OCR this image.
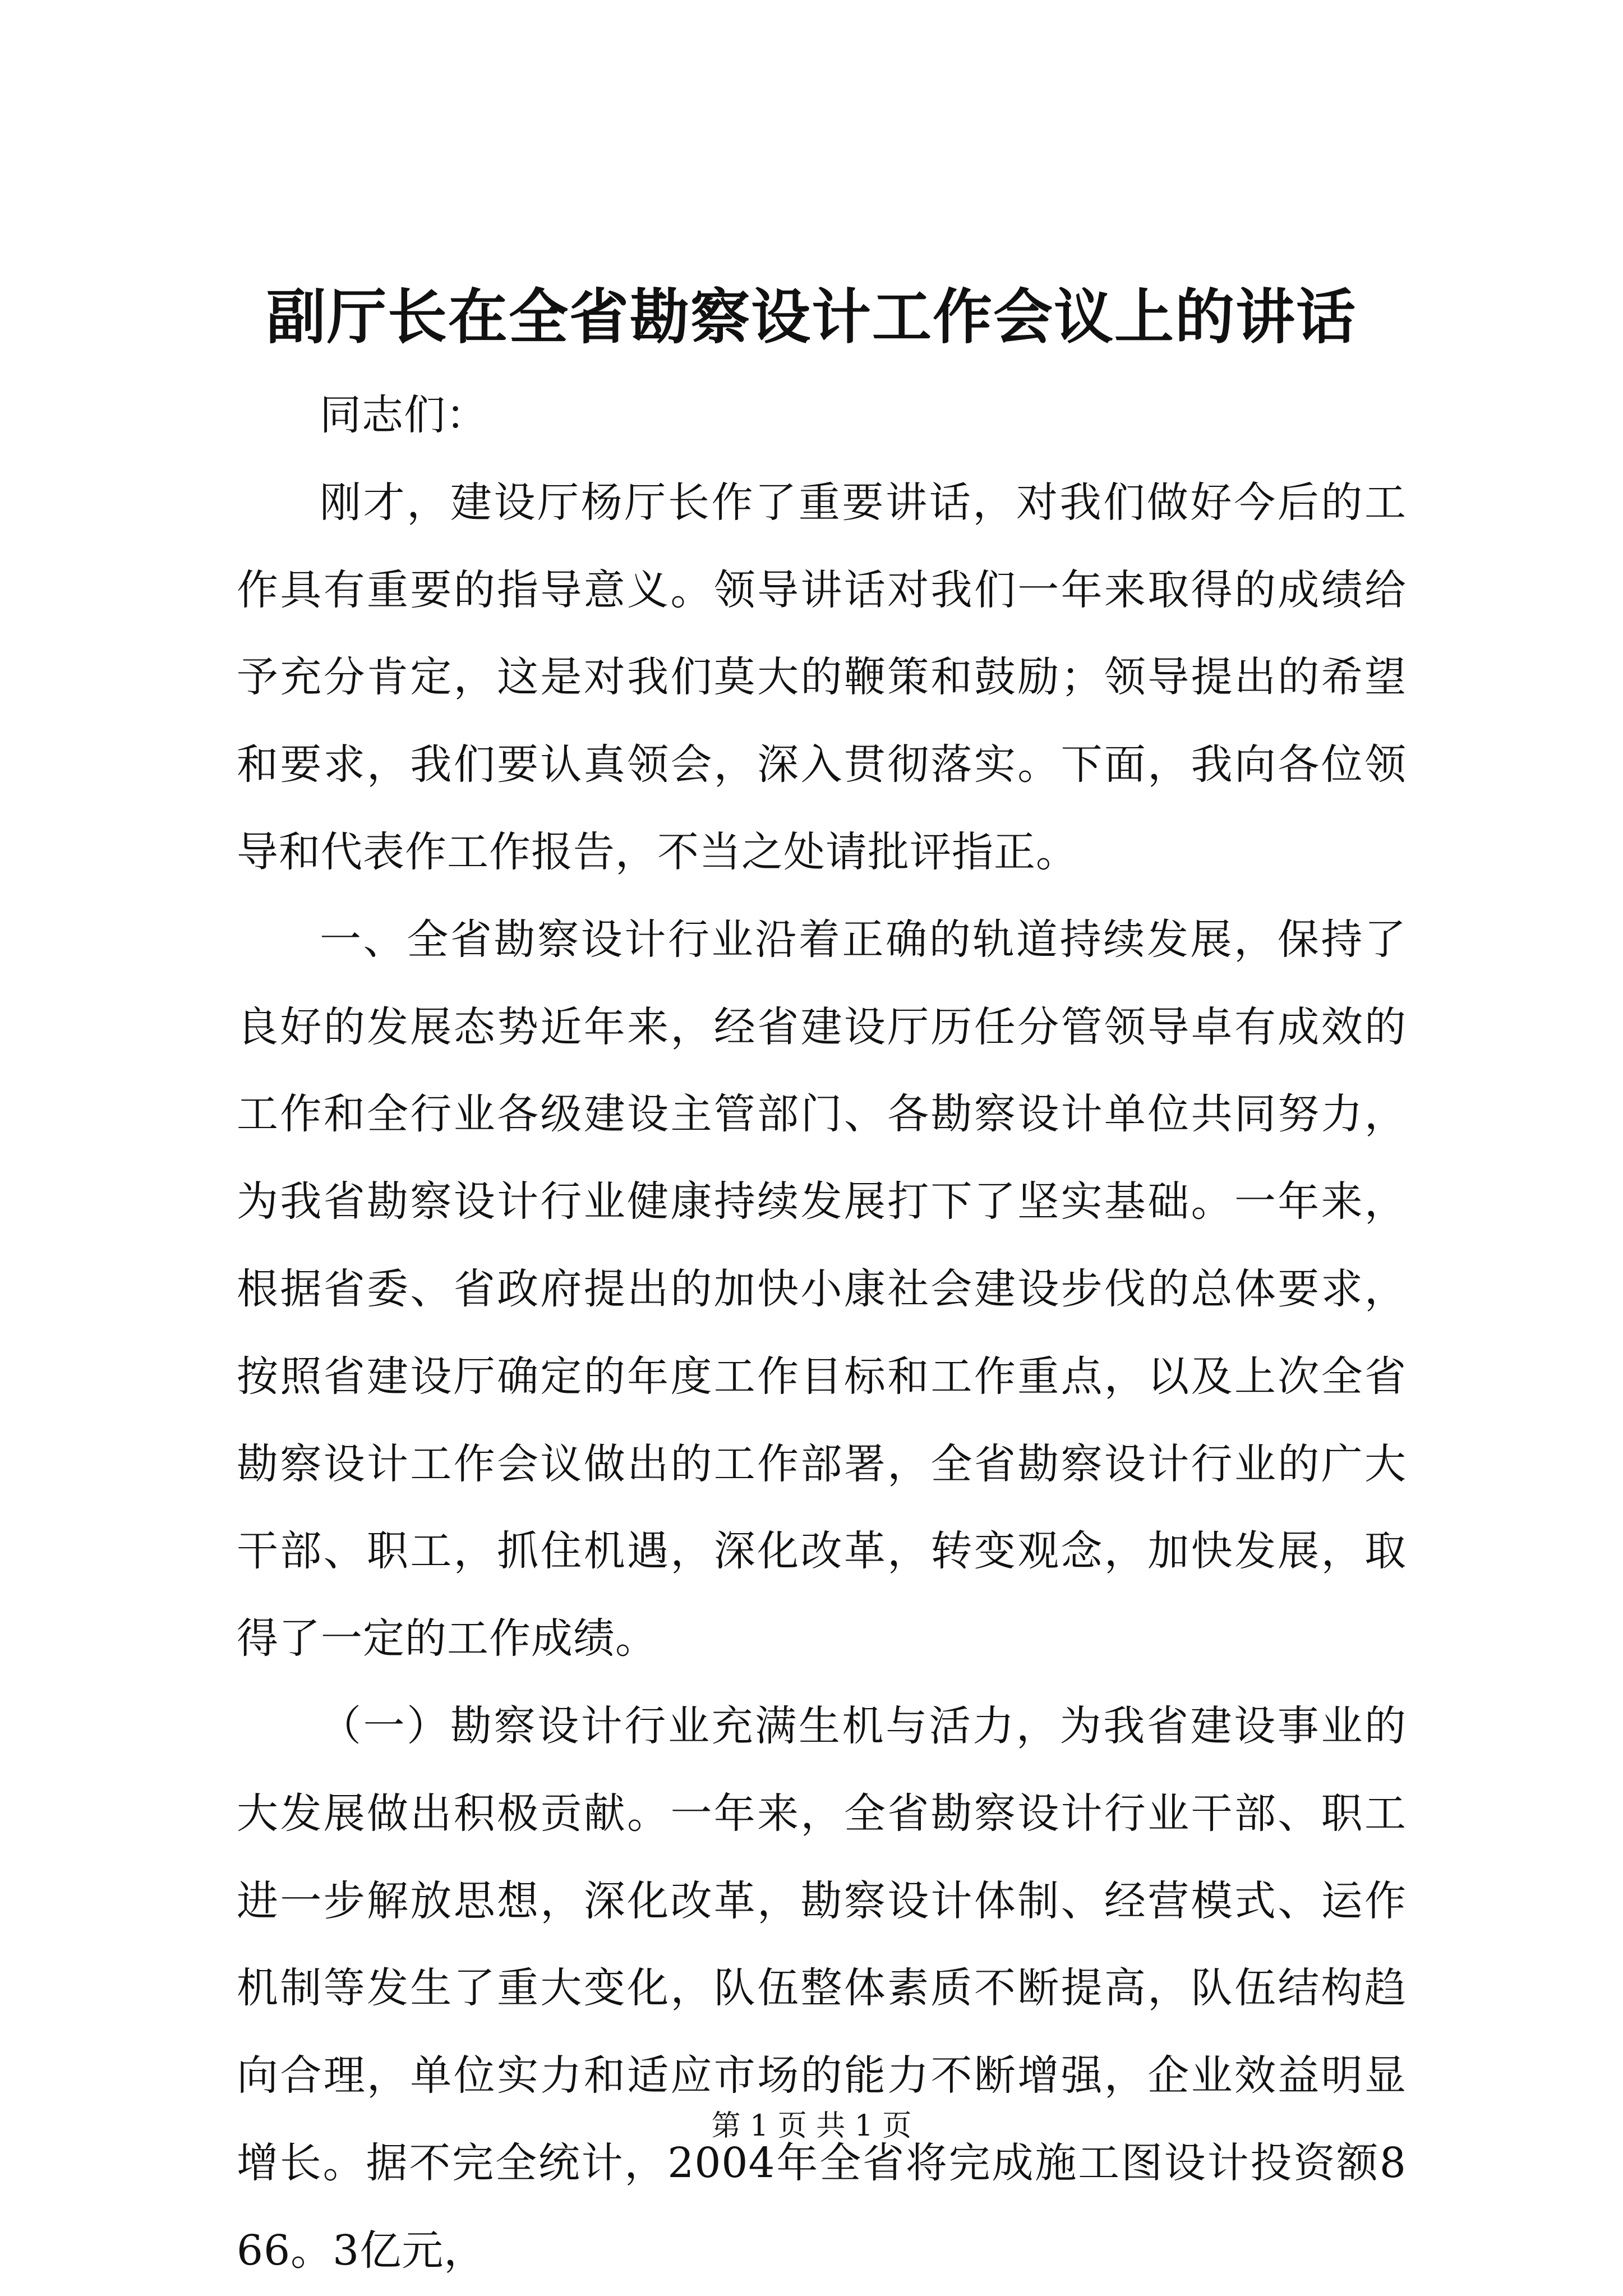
副厅长在全省勘察设计工作会议上的讲话

同志们：

刚才，建设厅杨厅长作了重要讲话，对我们做好今后的工作具有重要的指导意义。领导讲话对我们一年来取得的成绩给予充分肯定，这是对我们莫大的鞭策和鼓励；领导提出的希望和要求，我们要认真领会，深入贯彻落实。下面，我向各位领导和代表作工作报告，不当之处请批评指正。

一、全省勘察设计行业沿着正确的轨道持续发展，保持了良好的发展态势近年来，经省建设厅历任分管领导卓有成效的工作和全行业各级建设主管部门、各勘察设计单位共同努力，为我省勘察设计行业健康持续发展打下了坚实基础。一年来，根据省委、省政府提出的加快小康社会建设步伐的总体要求，按照省建设厅确定的年度工作目标和工作重点，以及上次全省勘察设计工作会议做出的工作部署，全省勘察设计行业的广大干部、职工，抓住机遇，深化改革，转变观念，加快发展，取得了一定的工作成绩。

（一）勘察设计行业充满生机与活力，为我省建设事业的大发展做出积极贡献。一年来，全省勘察设计行业干部、职工进一步解放思想，深化改革，勘察设计体制、经营模式、运作机制等发生了重大变化，队伍整体素质不断提高，队伍结构趋向合理，单位实力和适应市场的能力不断增强，企业效益明显增长。据不完全统计，2004年全省将完成施工图设计投资额866。3亿元，

第 1 页 共 1 页
